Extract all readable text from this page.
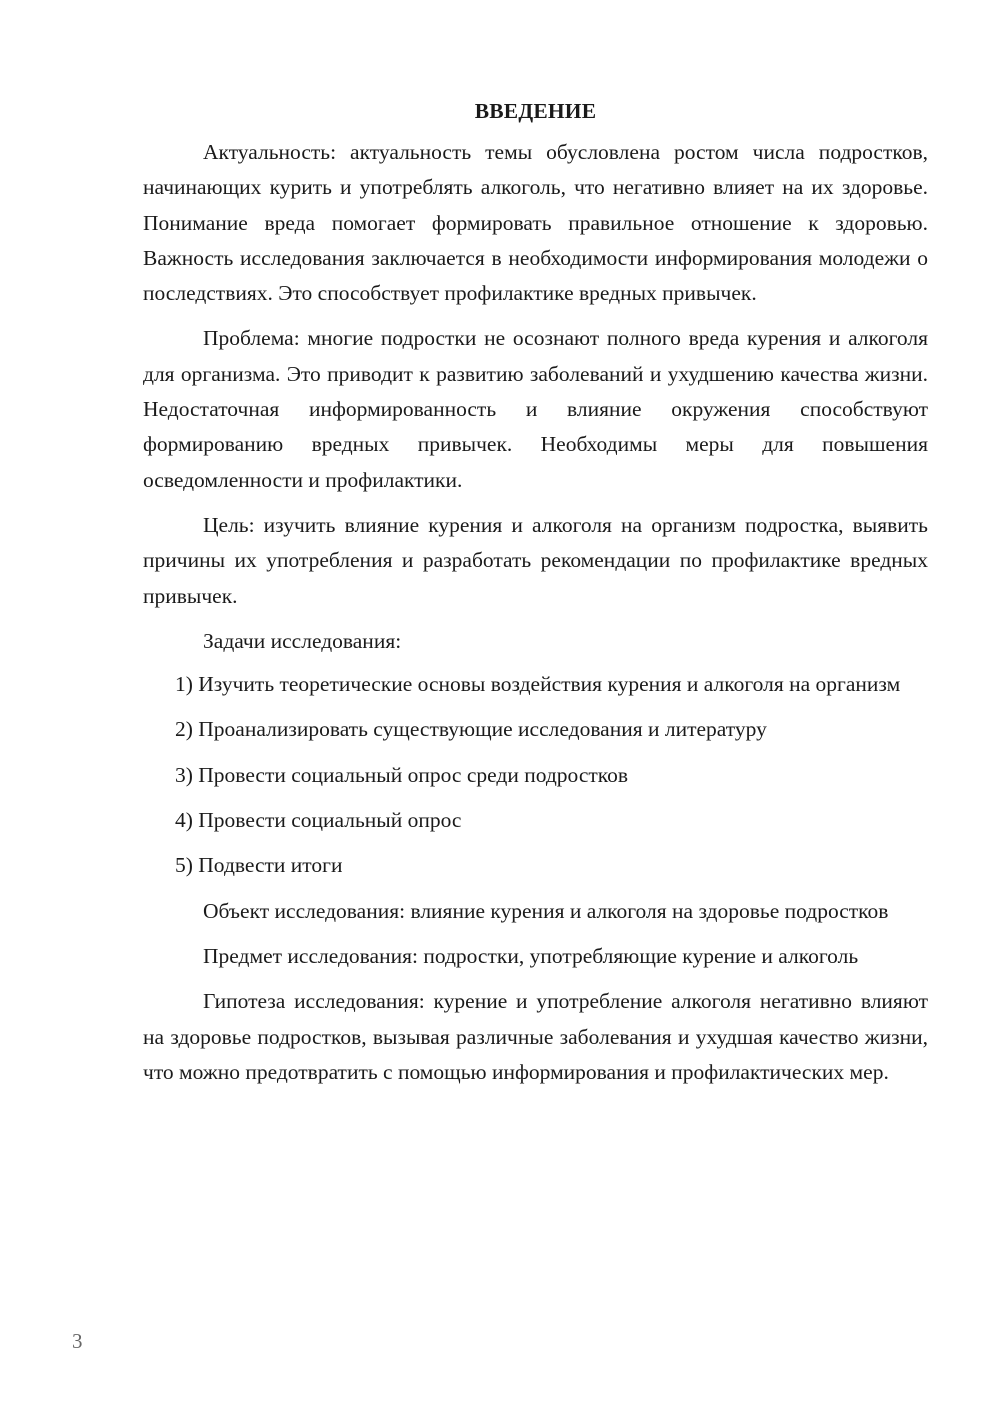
ВВЕДЕНИЕ

Актуальность: актуальность темы обусловлена ростом числа подростков, начинающих курить и употреблять алкоголь, что негативно влияет на их здоровье. Понимание вреда помогает формировать правильное отношение к здоровью. Важность исследования заключается в необходимости информирования молодежи о последствиях. Это способствует профилактике вредных привычек.

Проблема: многие подростки не осознают полного вреда курения и алкоголя для организма. Это приводит к развитию заболеваний и ухудшению качества жизни. Недостаточная информированность и влияние окружения способствуют формированию вредных привычек. Необходимы меры для повышения осведомленности и профилактики.

Цель: изучить влияние курения и алкоголя на организм подростка, выявить причины их употребления и разработать рекомендации по профилактике вредных привычек.

Задачи исследования:

1) Изучить теоретические основы воздействия курения и алкоголя на организм

2) Проанализировать существующие исследования и литературу

3) Провести социальный опрос среди подростков

4) Провести социальный опрос

5) Подвести итоги

Объект исследования: влияние курения и алкоголя на здоровье подростков

Предмет исследования: подростки, употребляющие курение и алкоголь

Гипотеза исследования: курение и употребление алкоголя негативно влияют на здоровье подростков, вызывая различные заболевания и ухудшая качество жизни, что можно предотвратить с помощью информирования и профилактических мер.

3
